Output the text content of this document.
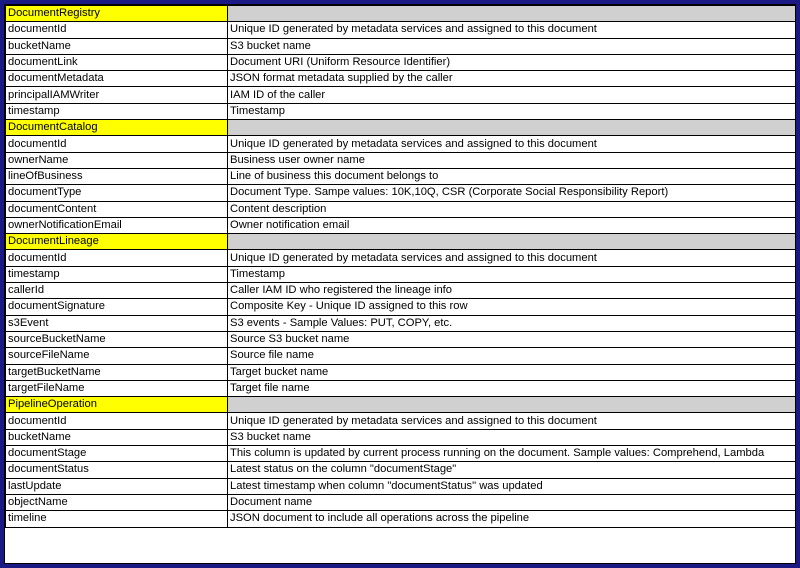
DocumentRegistry	
documentId	Unique ID generated by metadata services and assigned to this document
bucketName	S3 bucket name
documentLink	Document URI (Uniform Resource Identifier)
documentMetadata	JSON format metadata supplied by the caller
principalIAMWriter	IAM ID of the caller
timestamp	Timestamp
DocumentCatalog	
documentId	Unique ID generated by metadata services and assigned to this document
ownerName	Business user owner name
lineOfBusiness	Line of business this document belongs to
documentType	Document Type. Sampe values: 10K,10Q, CSR (Corporate Social Responsibility Report)
documentContent	Content description
ownerNotificationEmail	Owner notification email
DocumentLineage	
documentId	Unique ID generated by metadata services and assigned to this document
timestamp	Timestamp
callerId	Caller IAM ID who registered the lineage info
documentSignature	Composite Key - Unique ID assigned to this row
s3Event	S3 events - Sample Values: PUT, COPY, etc.
sourceBucketName	Source S3 bucket name
sourceFileName	Source file name
targetBucketName	Target bucket name
targetFileName	Target file name
PipelineOperation	
documentId	Unique ID generated by metadata services and assigned to this document
bucketName	S3 bucket name
documentStage	This column is updated by current process running on the document. Sample values: Comprehend, Lambda
documentStatus	Latest status on the column "documentStage"
lastUpdate	Latest timestamp when column "documentStatus" was updated
objectName	Document name
timeline	JSON document to include all operations across the pipeline
